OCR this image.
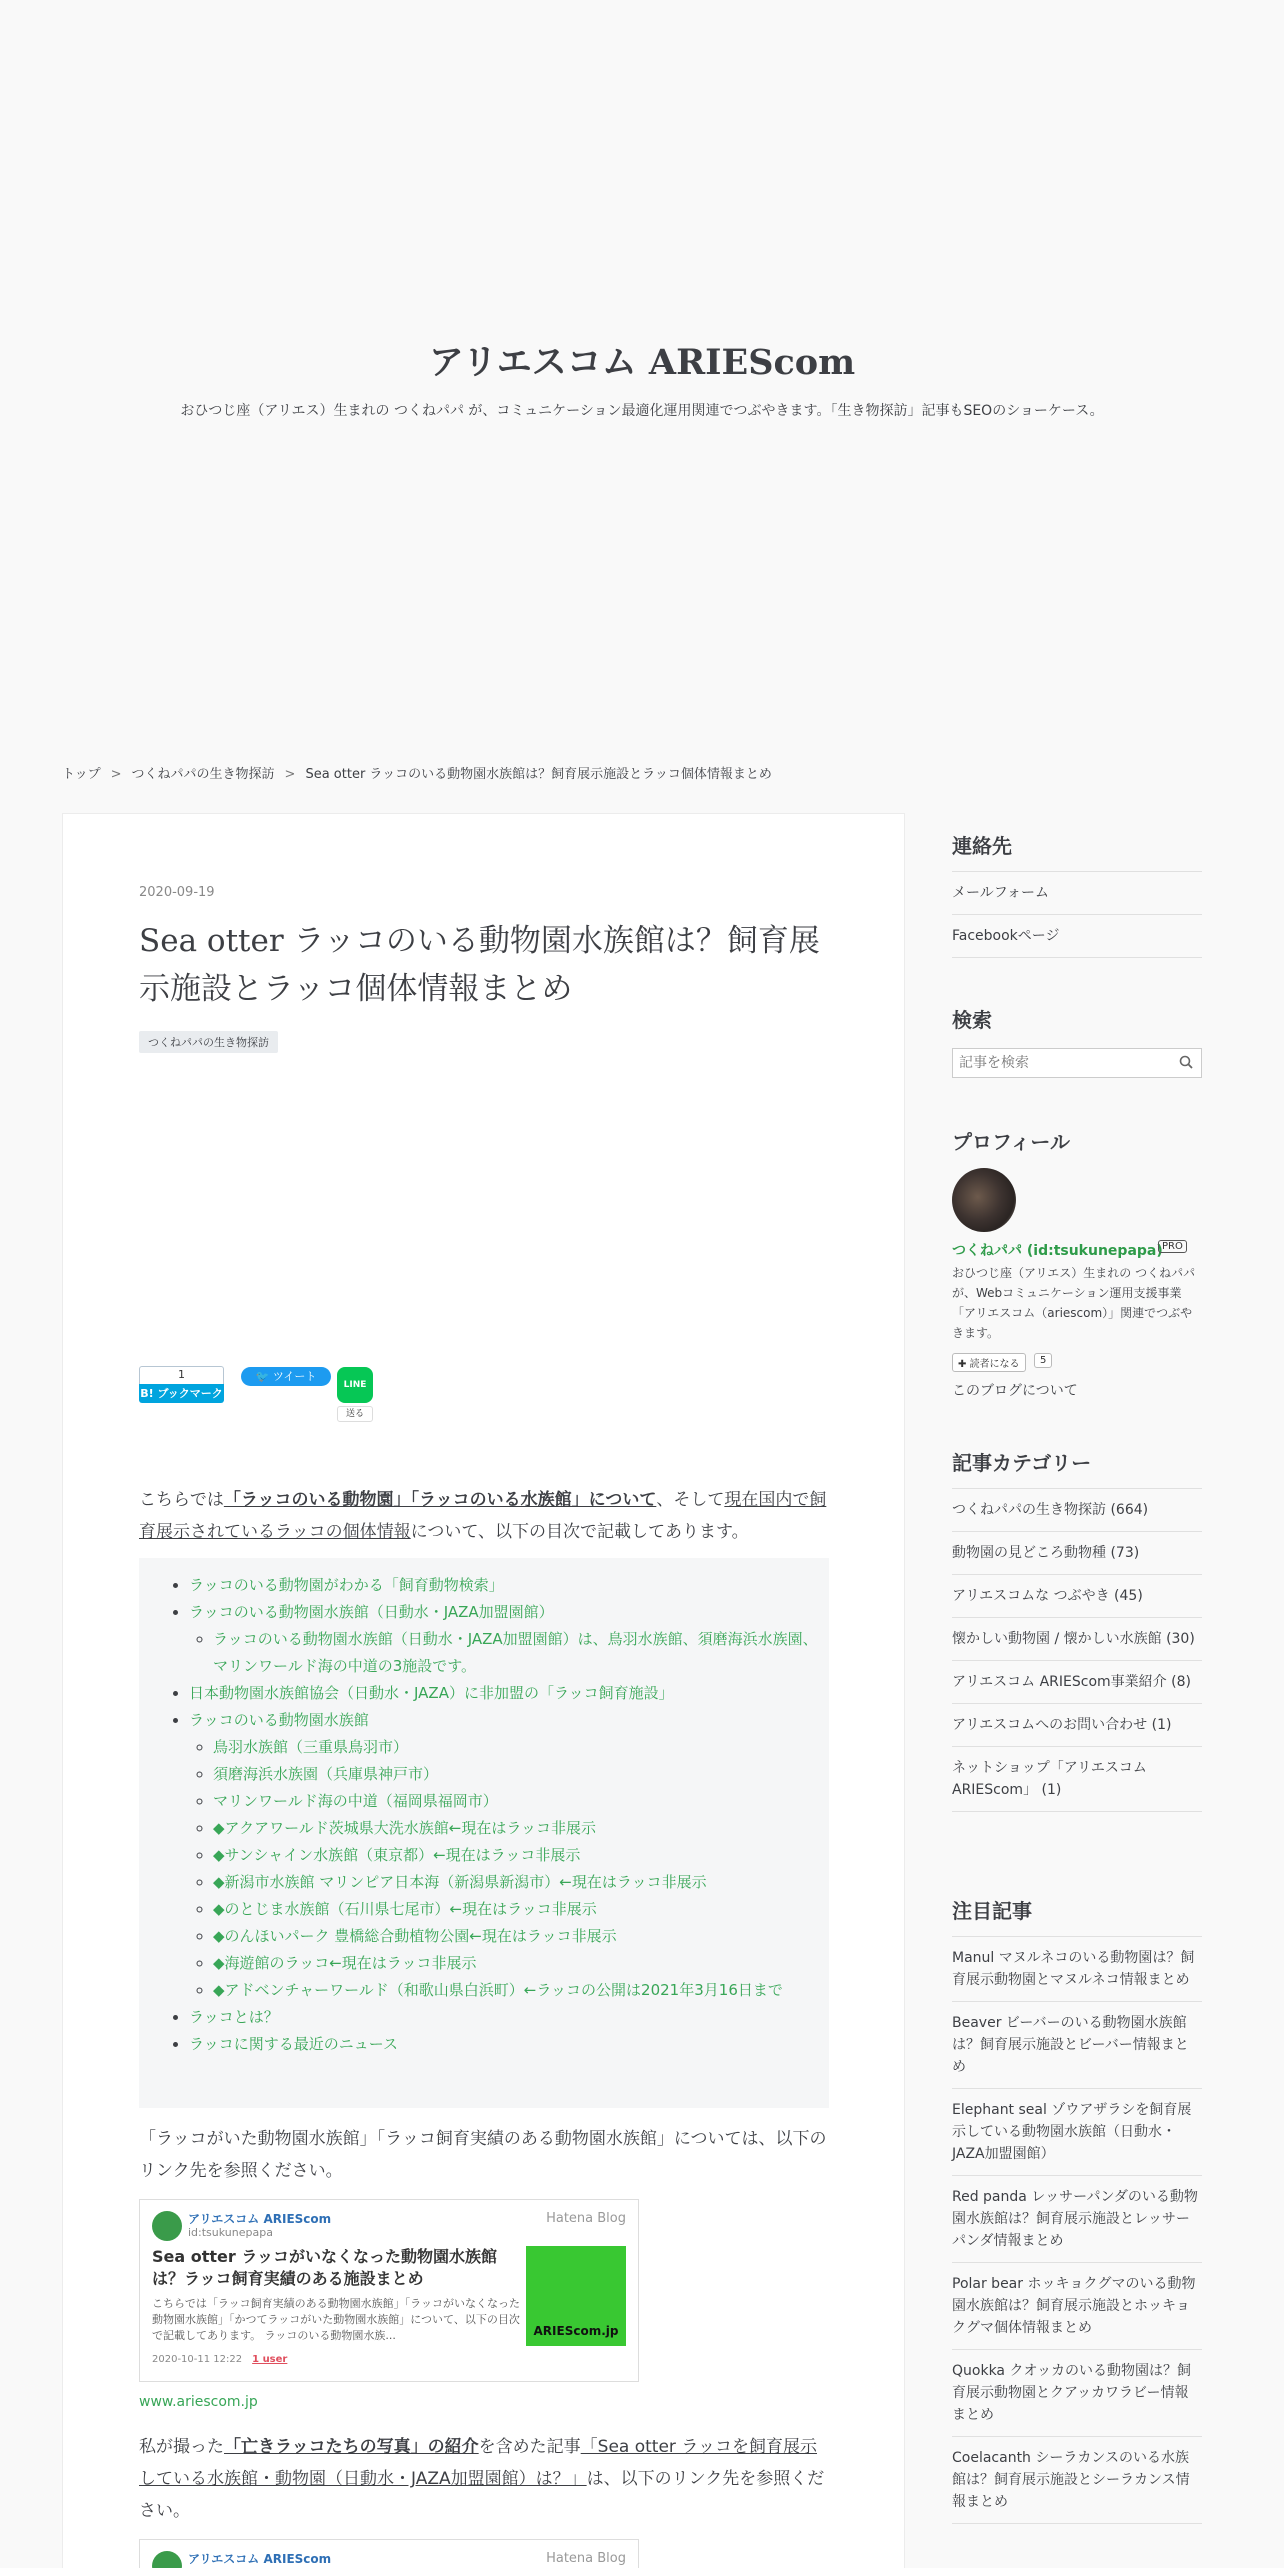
アリエスコム ARIEScom

おひつじ座（アリエス）生まれの つくねパパ が、コミュニケーション最適化運用関連でつぶやきます。「生き物探訪」記事もSEOのショーケース。

トップ > つくねパパの生き物探訪 > Sea otter ラッコのいる動物園水族館は？飼育展示施設とラッコ個体情報まとめ
2020-09-19
Sea otter ラッコのいる動物園水族館は？飼育展示施設とラッコ個体情報まとめ
つくねパパの生き物探訪
1
B! ブックマーク
🐦 ツイート
LINE
送る

こちらでは「ラッコのいる動物園」「ラッコのいる水族館」について、そして現在国内で飼育展示されているラッコの個体情報について、以下の目次で記載してあります。

• ラッコのいる動物園がわかる「飼育動物検索」
• ラッコのいる動物園水族館（日動水・JAZA加盟園館）
◦ ラッコのいる動物園水族館（日動水・JAZA加盟園館）は、鳥羽水族館、須磨海浜水族園、マリンワールド海の中道の3施設です。
• 日本動物園水族館協会（日動水・JAZA）に非加盟の「ラッコ飼育施設」
• ラッコのいる動物園水族館
◦ 鳥羽水族館（三重県鳥羽市）
◦ 須磨海浜水族園（兵庫県神戸市）
◦ マリンワールド海の中道（福岡県福岡市）
◦ ◆アクアワールド茨城県大洗水族館←現在はラッコ非展示
◦ ◆サンシャイン水族館（東京都）←現在はラッコ非展示
◦ ◆新潟市水族館 マリンピア日本海（新潟県新潟市）←現在はラッコ非展示
◦ ◆のとじま水族館（石川県七尾市）←現在はラッコ非展示
◦ ◆のんほいパーク 豊橋総合動植物公園←現在はラッコ非展示
◦ ◆海遊館のラッコ←現在はラッコ非展示
◦ ◆アドベンチャーワールド（和歌山県白浜町）←ラッコの公開は2021年3月16日まで
• ラッコとは？
• ラッコに関する最近のニュース

「ラッコがいた動物園水族館」「ラッコ飼育実績のある動物園水族館」については、以下のリンク先を参照ください。

アリエスコム ARIEScom
id:tsukunepapa
Hatena Blog
Sea otter ラッコがいなくなった動物園水族館は？ラッコ飼育実績のある施設まとめ
こちらでは「ラッコ飼育実績のある動物園水族館」「ラッコがいなくなった動物園水族館」「かつてラッコがいた動物園水族館」について、以下の目次で記載してあります。 ラッコのいる動物園水族...
2020-10-11 12:22 1 user
ARIEScom.jp
www.ariescom.jp

私が撮った「亡きラッコたちの写真」の紹介を含めた記事「Sea otter ラッコを飼育展示している水族館・動物園（日動水・JAZA加盟園館）は？」は、以下のリンク先を参照ください。

アリエスコム ARIEScom	Hatena Blog
連絡先
メールフォーム
Facebookページ
検索
記事を検索
プロフィール
つくねパパ (id:tsukunepapa) PRO

おひつじ座（アリエス）生まれの つくねパパ が、Webコミュニケーション運用支援事業「アリエスコム（ariescom）」関連でつぶやきます。

✚ 読者になる	5
このブログについて
記事カテゴリー
つくねパパの生き物探訪 (664)
動物園の見どころ動物種 (73)
アリエスコムな つぶやき (45)
懐かしい動物園 / 懐かしい水族館 (30)
アリエスコム ARIEScom事業紹介 (8)
アリエスコムへのお問い合わせ (1)
ネットショップ「アリエスコム ARIEScom」 (1)
注目記事
Manul マヌルネコのいる動物園は？飼育展示動物園とマヌルネコ情報まとめ
Beaver ビーバーのいる動物園水族館は？飼育展示施設とビーバー情報まとめ
Elephant seal ゾウアザラシを飼育展示している動物園水族館（日動水・JAZA加盟園館）
Red panda レッサーパンダのいる動物園水族館は？飼育展示施設とレッサーパンダ情報まとめ
Polar bear ホッキョクグマのいる動物園水族館は？飼育展示施設とホッキョクグマ個体情報まとめ
Quokka クオッカのいる動物園は？飼育展示動物園とクアッカワラビー情報まとめ
Coelacanth シーラカンスのいる水族館は？飼育展示施設とシーラカンス情報まとめ
